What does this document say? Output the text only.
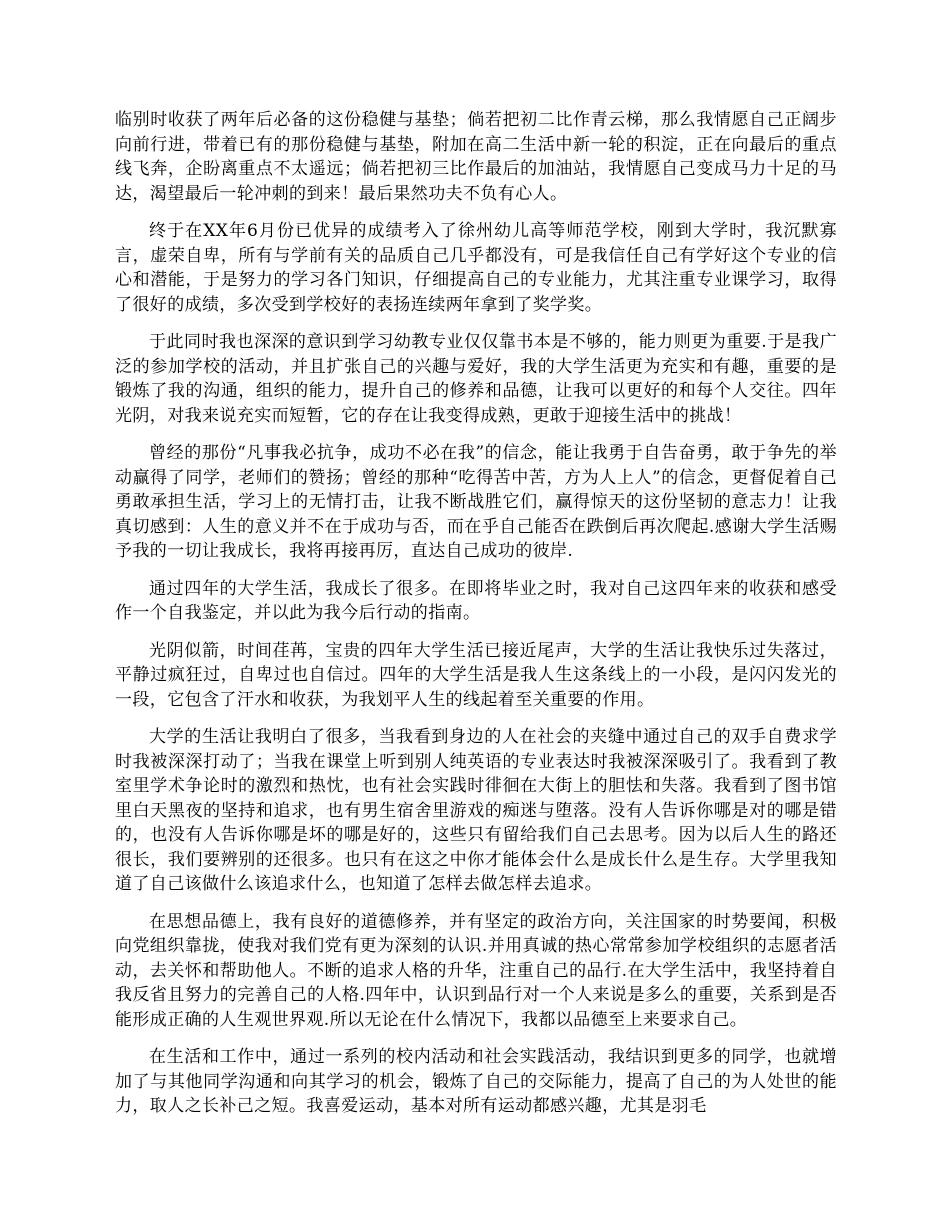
临别时收获了两年后必备的这份稳健与基垫；倘若把初二比作青云梯，那么我情愿自己正阔步向前行进，带着已有的那份稳健与基垫，附加在高二生活中新一轮的积淀，正在向最后的重点线飞奔，企盼离重点不太遥远；倘若把初三比作最后的加油站，我情愿自己变成马力十足的马达，渴望最后一轮冲刺的到来！最后果然功夫不负有心人。

终于在XX年6月份已优异的成绩考入了徐州幼儿高等师范学校，刚到大学时，我沉默寡言，虚荣自卑，所有与学前有关的品质自己几乎都没有，可是我信任自己有学好这个专业的信心和潜能，于是努力的学习各门知识，仔细提高自己的专业能力，尤其注重专业课学习，取得了很好的成绩，多次受到学校好的表扬连续两年拿到了奖学奖。

于此同时我也深深的意识到学习幼教专业仅仅靠书本是不够的，能力则更为重要.于是我广泛的参加学校的活动，并且扩张自己的兴趣与爱好，我的大学生活更为充实和有趣，重要的是锻炼了我的沟通，组织的能力，提升自己的修养和品德，让我可以更好的和每个人交往。四年光阴，对我来说充实而短暂，它的存在让我变得成熟，更敢于迎接生活中的挑战！

曾经的那份“凡事我必抗争，成功不必在我”的信念，能让我勇于自告奋勇，敢于争先的举动赢得了同学，老师们的赞扬；曾经的那种“吃得苦中苦，方为人上人”的信念，更督促着自己勇敢承担生活，学习上的无情打击，让我不断战胜它们，赢得惊天的这份坚韧的意志力！让我真切感到：人生的意义并不在于成功与否，而在乎自己能否在跌倒后再次爬起.感谢大学生活赐予我的一切让我成长，我将再接再厉，直达自己成功的彼岸.

通过四年的大学生活，我成长了很多。在即将毕业之时，我对自己这四年来的收获和感受作一个自我鉴定，并以此为我今后行动的指南。

光阴似箭，时间荏苒，宝贵的四年大学生活已接近尾声，大学的生活让我快乐过失落过，平静过疯狂过，自卑过也自信过。四年的大学生活是我人生这条线上的一小段，是闪闪发光的一段，它包含了汗水和收获，为我划平人生的线起着至关重要的作用。

大学的生活让我明白了很多，当我看到身边的人在社会的夹缝中通过自己的双手自费求学时我被深深打动了；当我在课堂上听到别人纯英语的专业表达时我被深深吸引了。我看到了教室里学术争论时的激烈和热忱，也有社会实践时徘徊在大街上的胆怯和失落。我看到了图书馆里白天黑夜的坚持和追求，也有男生宿舍里游戏的痴迷与堕落。没有人告诉你哪是对的哪是错的，也没有人告诉你哪是坏的哪是好的，这些只有留给我们自己去思考。因为以后人生的路还很长，我们要辨别的还很多。也只有在这之中你才能体会什么是成长什么是生存。大学里我知道了自己该做什么该追求什么，也知道了怎样去做怎样去追求。

在思想品德上，我有良好的道德修养，并有坚定的政治方向，关注国家的时势要闻，积极向党组织靠拢，使我对我们党有更为深刻的认识.并用真诚的热心常常参加学校组织的志愿者活动，去关怀和帮助他人。不断的追求人格的升华，注重自己的品行.在大学生活中，我坚持着自我反省且努力的完善自己的人格.四年中，认识到品行对一个人来说是多么的重要，关系到是否能形成正确的人生观世界观.所以无论在什么情况下，我都以品德至上来要求自己。

在生活和工作中，通过一系列的校内活动和社会实践活动，我结识到更多的同学，也就增加了与其他同学沟通和向其学习的机会，锻炼了自己的交际能力，提高了自己的为人处世的能力，取人之长补己之短。我喜爱运动，基本对所有运动都感兴趣，尤其是羽毛
